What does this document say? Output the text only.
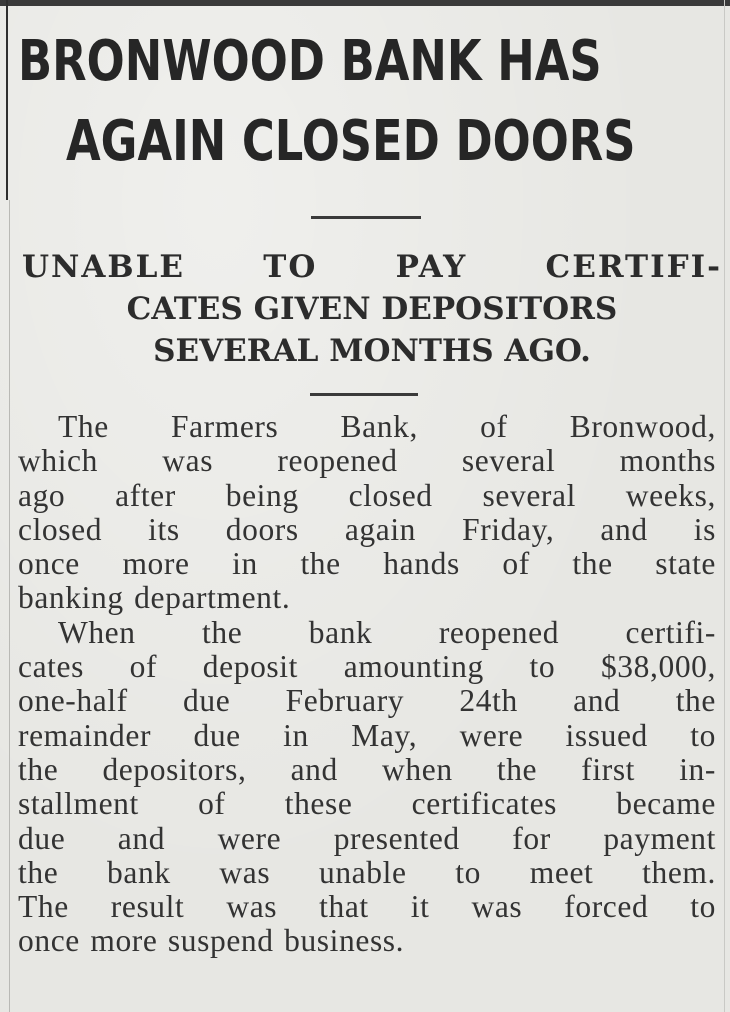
BRONWOOD BANK HAS
AGAIN CLOSED DOORS
UNABLE TO PAY CERTIFI-
CATES GIVEN DEPOSITORS
SEVERAL MONTHS AGO.

The Farmers Bank, of Bronwood,
which was reopened several months
ago after being closed several weeks,
closed its doors again Friday, and is
once more in the hands of the state
banking department.

When the bank reopened certifi-
cates of deposit amounting to $38,000,
one-half due February 24th and the
remainder due in May, were issued to
the depositors, and when the first in-
stallment of these certificates became
due and were presented for payment
the bank was unable to meet them.
The result was that it was forced to
once more suspend business.
